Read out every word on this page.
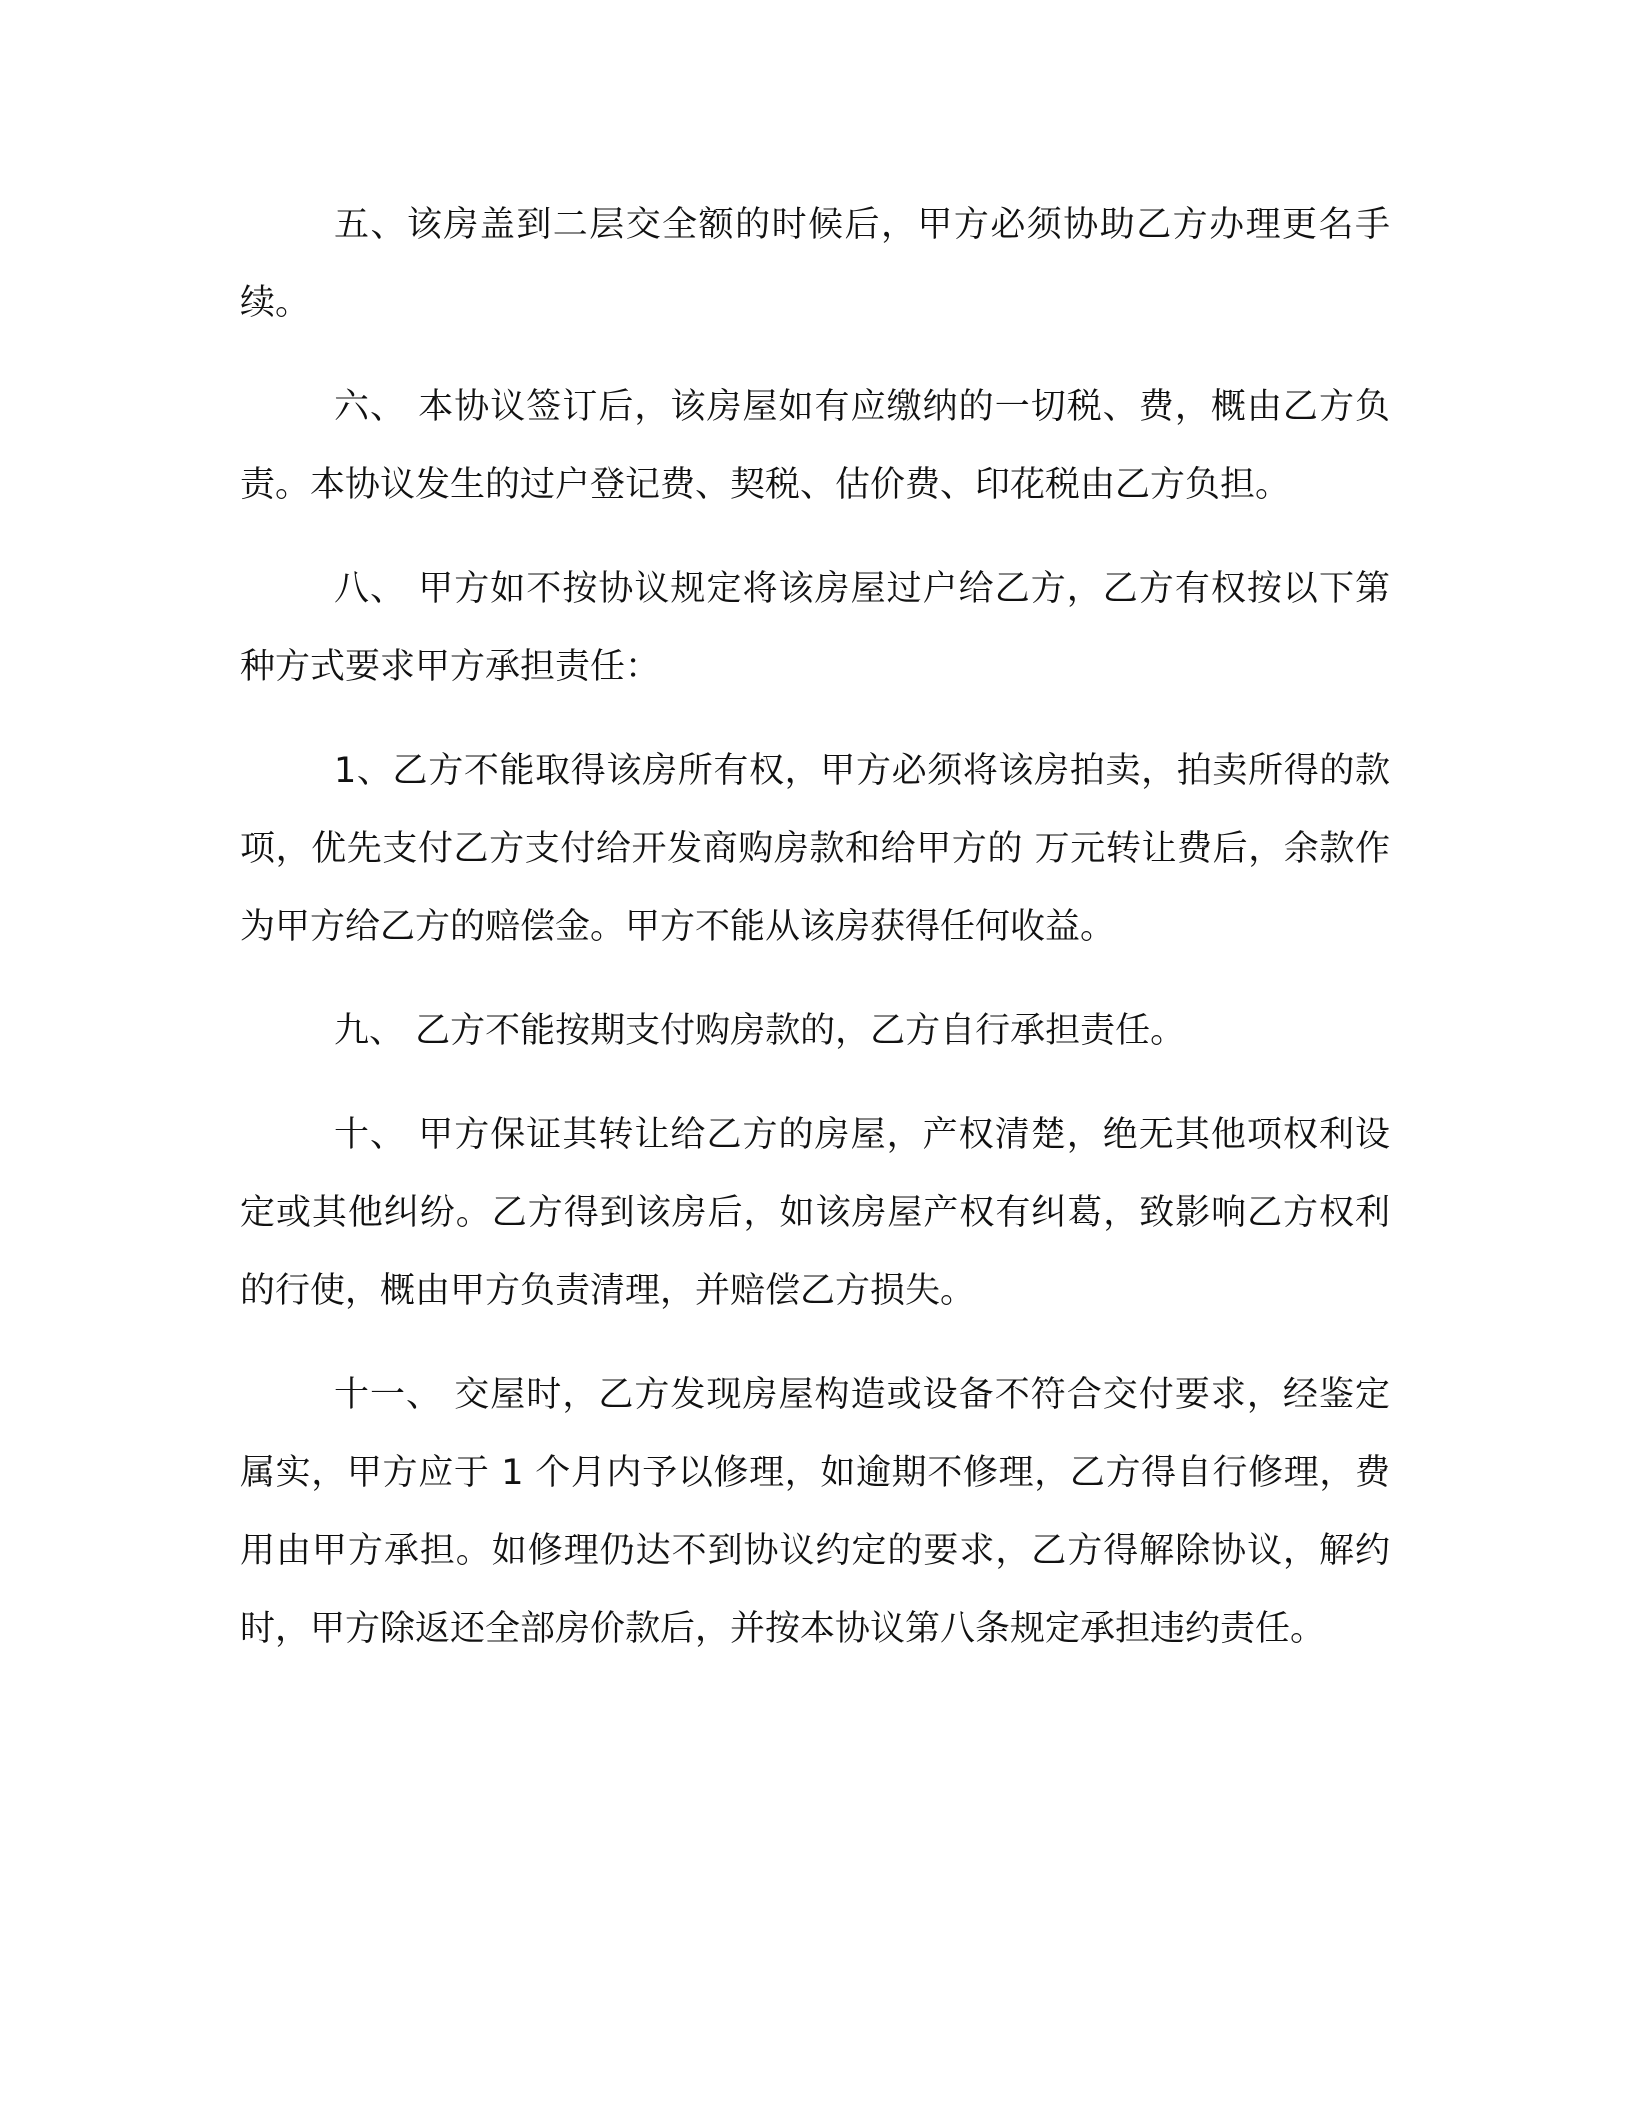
五、该房盖到二层交全额的时候后，甲方必须协助乙方办理更名手续。

六、 本协议签订后，该房屋如有应缴纳的一切税、费，概由乙方负责。本协议发生的过户登记费、契税、估价费、印花税由乙方负担。

八、 甲方如不按协议规定将该房屋过户给乙方，乙方有权按以下第 种方式要求甲方承担责任：

1、乙方不能取得该房所有权，甲方必须将该房拍卖，拍卖所得的款项，优先支付乙方支付给开发商购房款和给甲方的 万元转让费后，余款作为甲方给乙方的赔偿金。甲方不能从该房获得任何收益。

九、 乙方不能按期支付购房款的，乙方自行承担责任。

十、 甲方保证其转让给乙方的房屋，产权清楚，绝无其他项权利设定或其他纠纷。乙方得到该房后，如该房屋产权有纠葛，致影响乙方权利的行使，概由甲方负责清理，并赔偿乙方损失。

十一、 交屋时，乙方发现房屋构造或设备不符合交付要求，经鉴定属实，甲方应于 1 个月内予以修理，如逾期不修理，乙方得自行修理，费用由甲方承担。如修理仍达不到协议约定的要求，乙方得解除协议，解约时，甲方除返还全部房价款后，并按本协议第八条规定承担违约责任。
